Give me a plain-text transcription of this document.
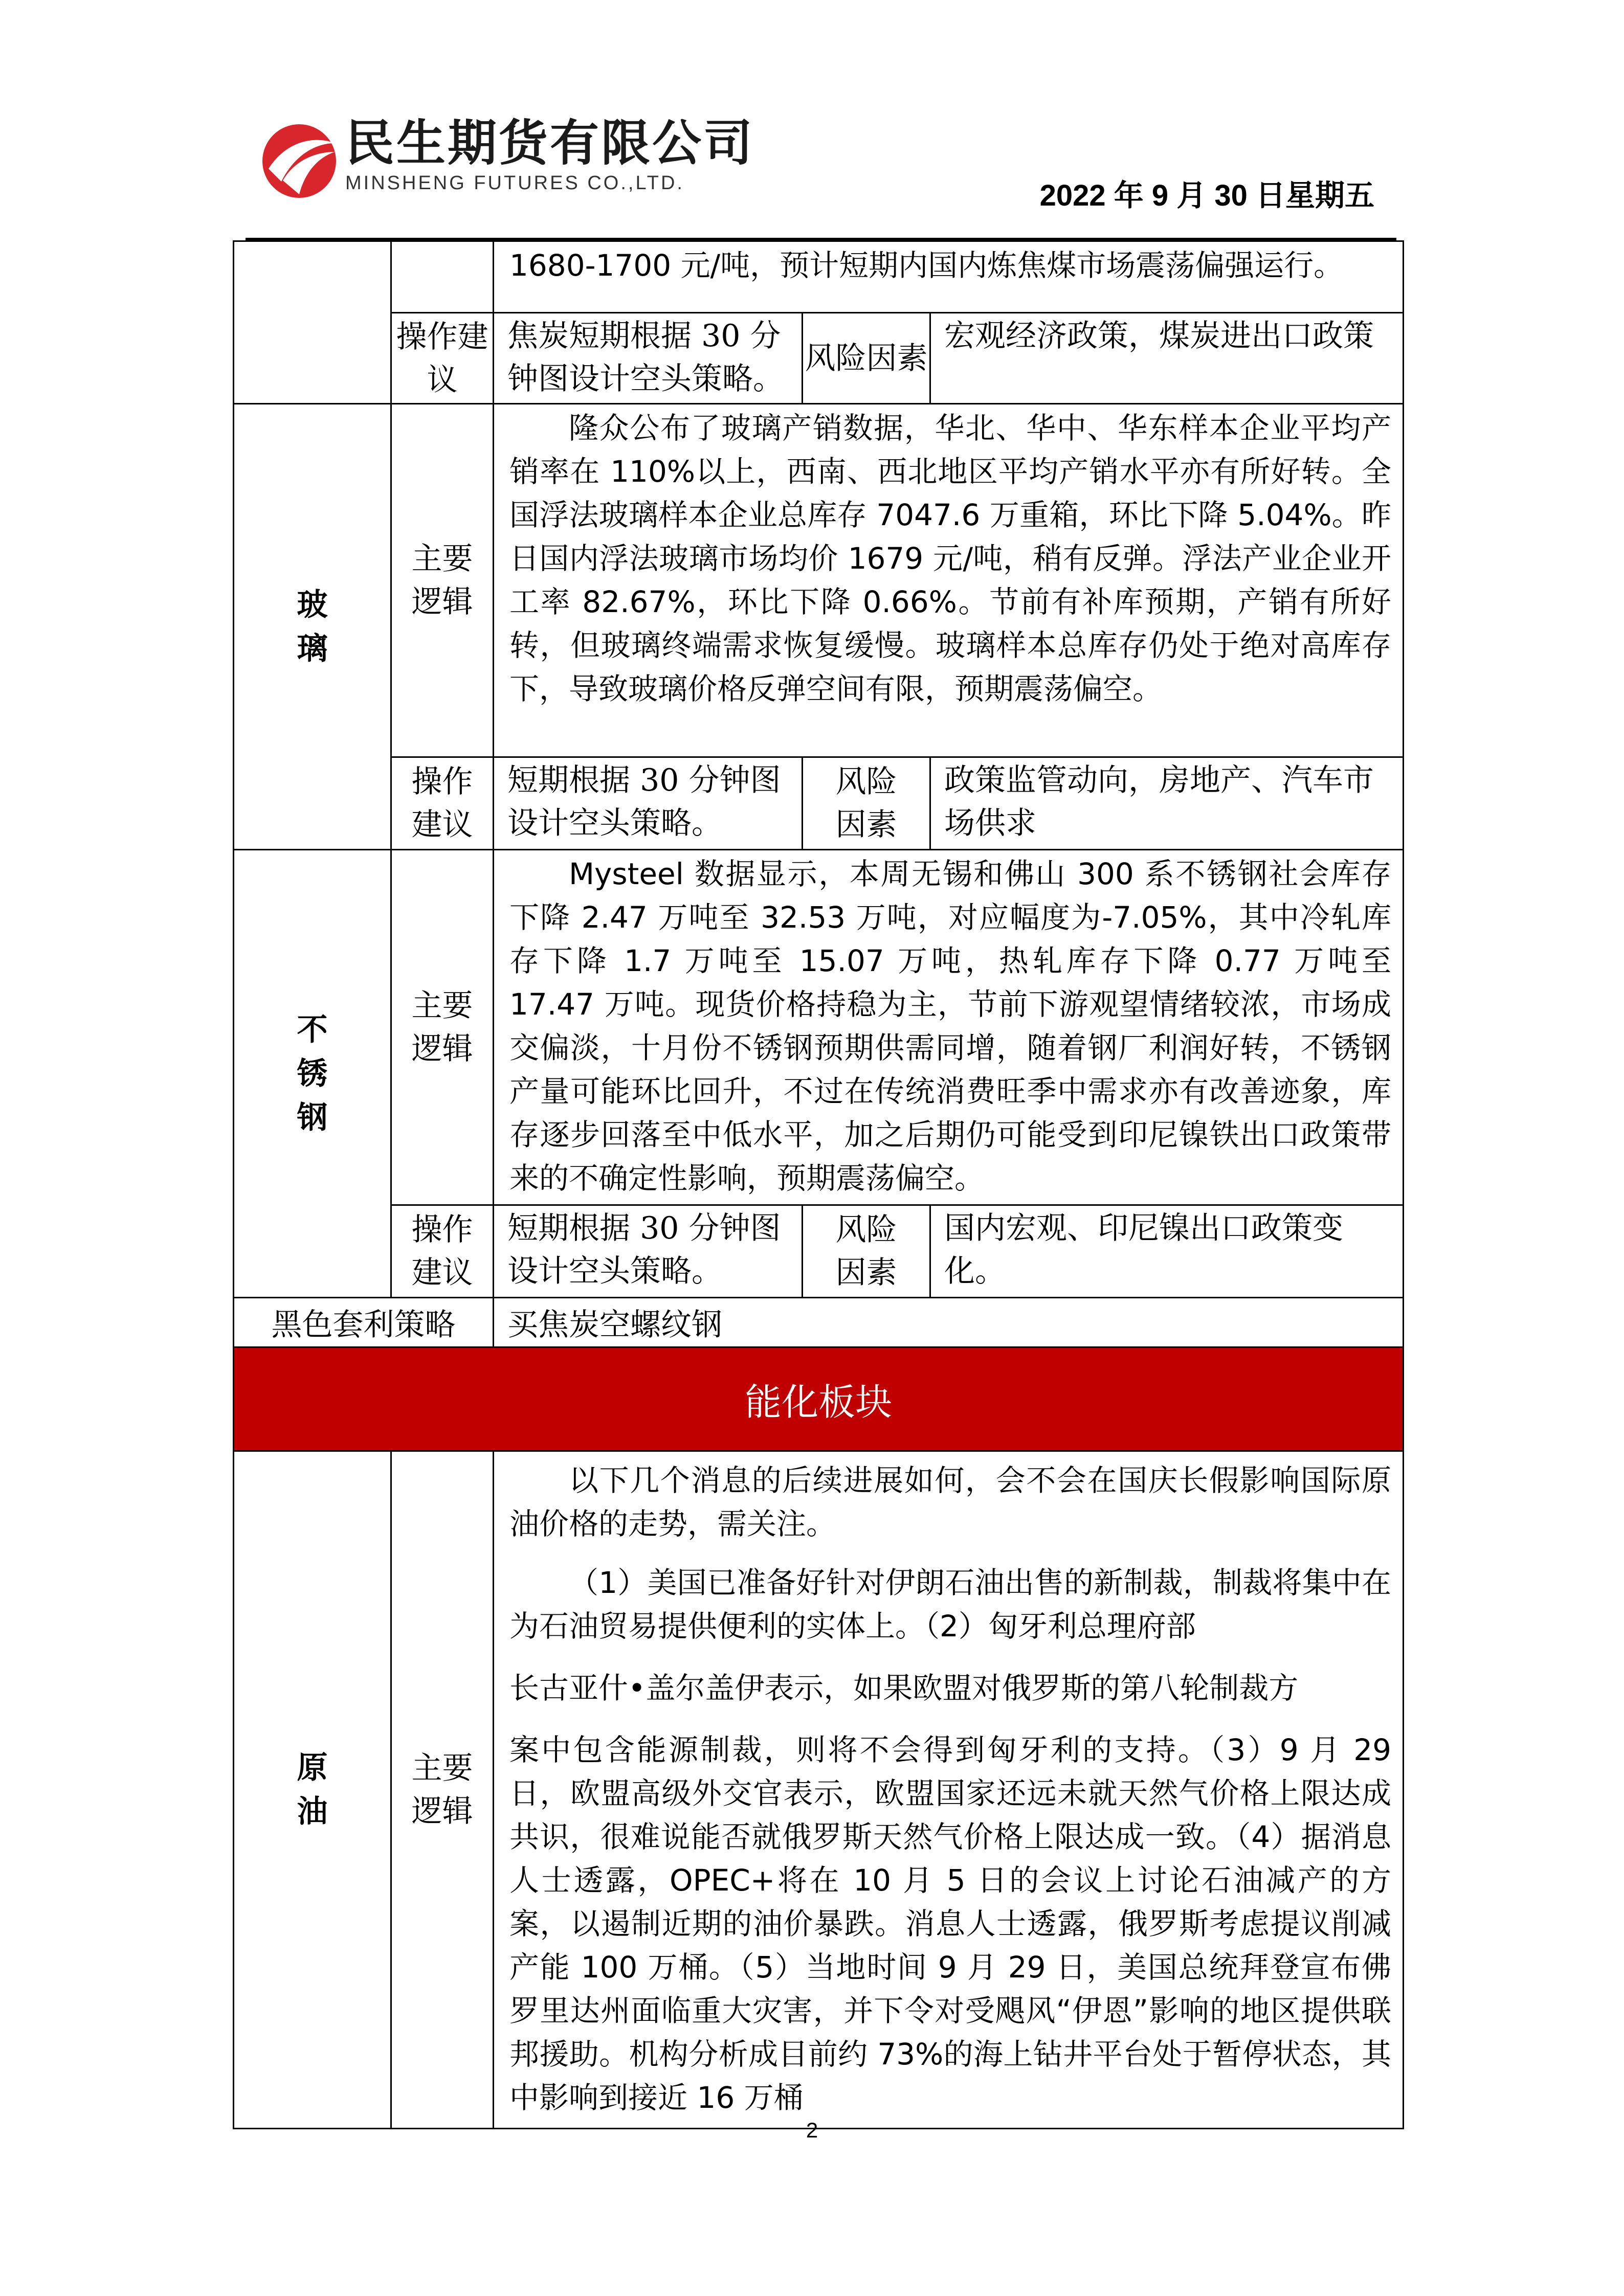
民生期货有限公司
MINSHENG FUTURES CO.,LTD.	2022 年 9 月 30 日星期五
		1680-1700 元/吨，预计短期内国内炼焦煤市场震荡偏强运行。		
	操作建议	焦炭短期根据 30 分钟图设计空头策略。	风险因素	宏观经济政策，煤炭进出口政策
玻璃	主要逻辑	隆众公布了玻璃产销数据，华北、华中、华东样本企业平均产销率在 110%以上，西南、西北地区平均产销水平亦有所好转。全国浮法玻璃样本企业总库存 7047.6 万重箱，环比下降 5.04%。昨日国内浮法玻璃市场均价 1679 元/吨，稍有反弹。浮法产业企业开工率 82.67%，环比下降 0.66%。节前有补库预期，产销有所好转，但玻璃终端需求恢复缓慢。玻璃样本总库存仍处于绝对高库存下，导致玻璃价格反弹空间有限，预期震荡偏空。		

	操作建议	短期根据 30 分钟图设计空头策略。	风险因素	政策监管动向，房地产、汽车市场供求
不锈钢	主要逻辑	Mysteel 数据显示，本周无锡和佛山 300 系不锈钢社会库存下降 2.47 万吨至 32.53 万吨，对应幅度为-7.05%，其中冷轧库存下降 1.7 万吨至 15.07 万吨，热轧库存下降 0.77 万吨至 17.47 万吨。现货价格持稳为主，节前下游观望情绪较浓，市场成交偏淡，十月份不锈钢预期供需同增，随着钢厂利润好转，不锈钢产量可能环比回升，不过在传统消费旺季中需求亦有改善迹象，库存逐步回落至中低水平，加之后期仍可能受到印尼镍铁出口政策带来的不确定性影响，预期震荡偏空。		

	操作建议	短期根据 30 分钟图设计空头策略。	风险因素	国内宏观、印尼镍出口政策变化。
黑色套利策略		买焦炭空螺纹钢		
能化板块				
原油	主要逻辑	以下几个消息的后续进展如何，会不会在国庆长假影响国际原油价格的走势，需关注。

（1）美国已准备好针对伊朗石油出售的新制裁，制裁将集中在为石油贸易提供便利的实体上。（2）匈牙利总理府部

长古亚什•盖尔盖伊表示，如果欧盟对俄罗斯的第八轮制裁方

案中包含能源制裁，则将不会得到匈牙利的支持。（3）9 月 29 日，欧盟高级外交官表示，欧盟国家还远未就天然气价格上限达成共识，很难说能否就俄罗斯天然气价格上限达成一致。（4）据消息人士透露，OPEC+将在 10 月 5 日的会议上讨论石油减产的方案，以遏制近期的油价暴跌。消息人士透露，俄罗斯考虑提议削减产能 100 万桶。（5）当地时间 9 月 29 日，美国总统拜登宣布佛罗里达州面临重大灾害，并下令对受飓风“伊恩”影响的地区提供联邦援助。机构分析成目前约 73%的海上钻井平台处于暂停状态，其中影响到接近 16 万桶		

2
